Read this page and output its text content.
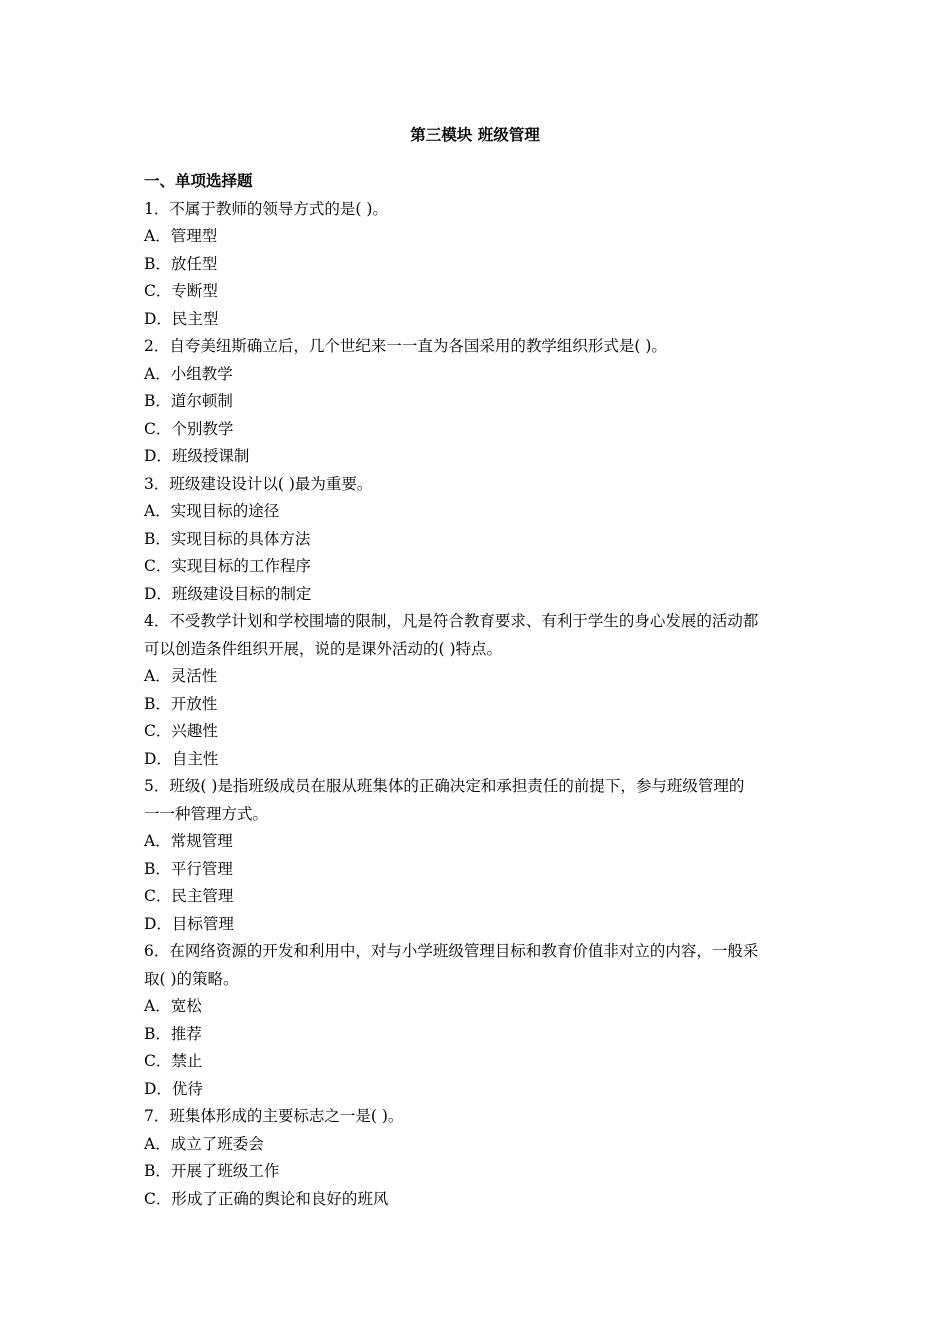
第三模块 班级管理
一、单项选择题

1．不属于教师的领导方式的是( )。

A．管理型

B．放任型

C．专断型

D．民主型

2．自夸美纽斯确立后，几个世纪来一一直为各国采用的教学组织形式是( )。

A．小组教学

B．道尔顿制

C．个别教学

D．班级授课制

3．班级建设设计以( )最为重要。

A．实现目标的途径

B．实现目标的具体方法

C．实现目标的工作程序

D．班级建设目标的制定

4．不受教学计划和学校围墙的限制，凡是符合教育要求、有利于学生的身心发展的活动都

可以创造条件组织开展，说的是课外活动的( )特点。

A．灵活性

B．开放性

C．兴趣性

D．自主性

5．班级( )是指班级成员在服从班集体的正确决定和承担责任的前提下，参与班级管理的

一一种管理方式。

A．常规管理

B．平行管理

C．民主管理

D．目标管理

6．在网络资源的开发和利用中，对与小学班级管理目标和教育价值非对立的内容，一般采

取( )的策略。

A．宽松

B．推荐

C．禁止

D．优待

7．班集体形成的主要标志之一是( )。

A．成立了班委会

B．开展了班级工作

C．形成了正确的舆论和良好的班风
